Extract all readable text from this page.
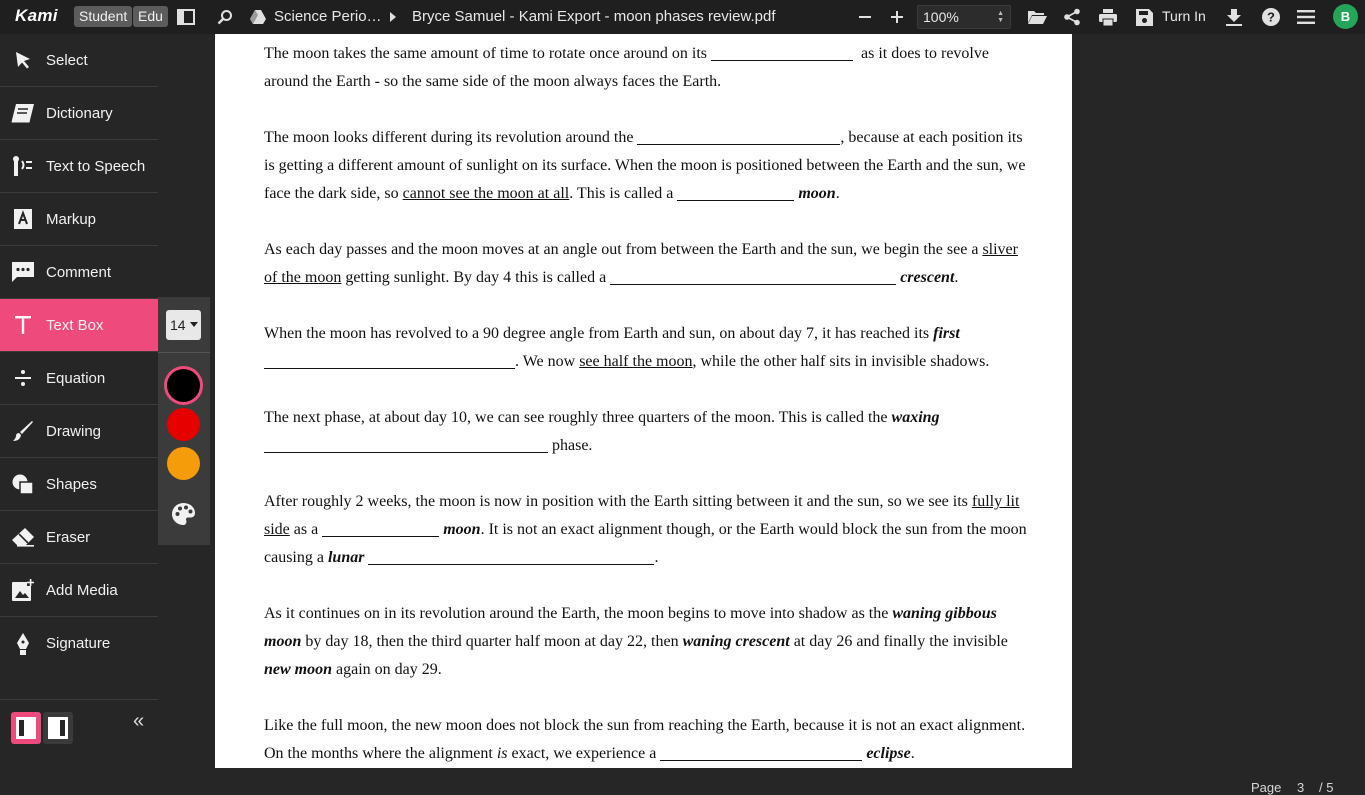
Kami	Student Edu	Science Perio… Bryce Samuel - Kami Export - moon phases review.pdf	100%	▲
▼	Turn In	?	B

The moon takes the same amount of time to rotate once around on its	as it does to revolve around the Earth - so the same side of the moon always faces the Earth.

The moon looks different during its revolution around the	, because at each position its is getting a different amount of sunlight on its surface. When the moon is positioned between the Earth and the sun, we face the dark side, so cannot see the moon at all. This is called a	moon.

As each day passes and the moon moves at an angle out from between the Earth and the sun, we begin the see a sliver of the moon getting sunlight. By day 4 this is called a	crescent.

When the moon has revolved to a 90 degree angle from Earth and sun, on about day 7, it has reached its first . We now see half the moon, while the other half sits in invisible shadows.

The next phase, at about day 10, we can see roughly three quarters of the moon. This is called the waxing  phase.

After roughly 2 weeks, the moon is now in position with the Earth sitting between it and the sun, so we see its fully lit side as a	moon. It is not an exact alignment though, or the Earth would block the sun from the moon causing a lunar	.

As it continues on in its revolution around the Earth, the moon begins to move into shadow as the waning gibbous moon by day 18, then the third quarter half moon at day 22, then waning crescent at day 26 and finally the invisible new moon again on day 29.

Like the full moon, the new moon does not block the sun from reaching the Earth, because it is not an exact alignment. On the months where the alignment is exact, we experience a	eclipse.

Page 3 / 5
Select
Dictionary
Text to Speech
Markup
Comment
Text Box
Equation
Drawing
Shapes
Eraser
Add Media
Signature
«
14
